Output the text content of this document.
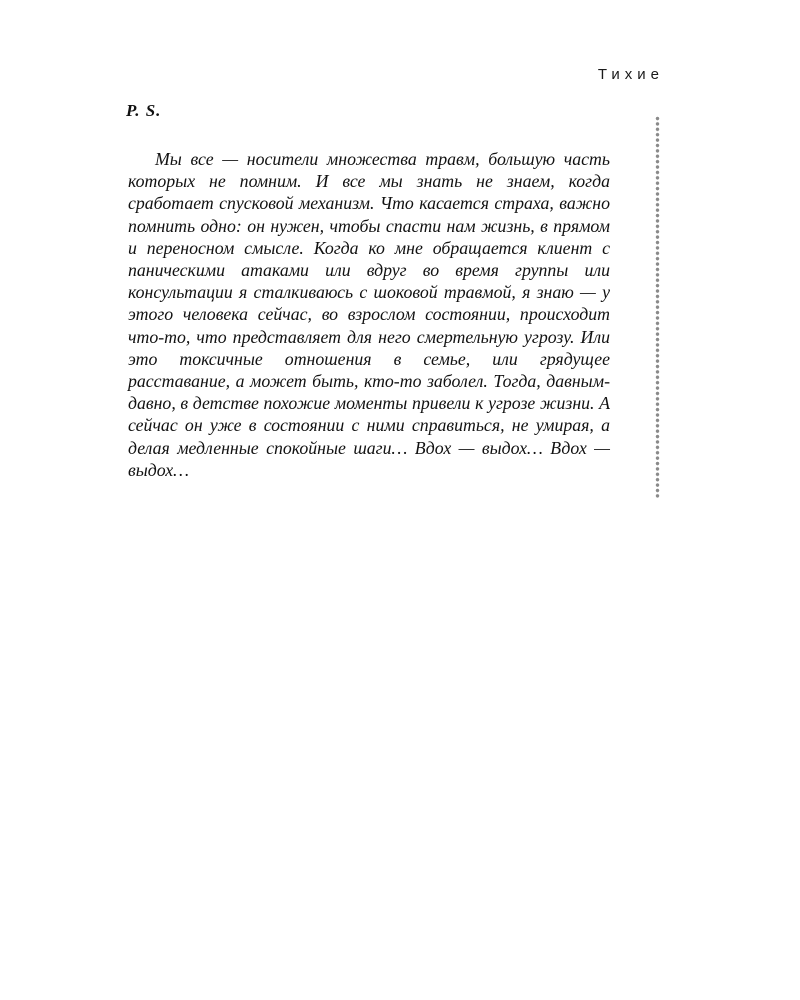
Тихие
P. S.

Мы все — носители множества травм, большую часть которых не помним. И все мы знать не знаем, когда сработает спусковой механизм. Что касается страха, важно помнить одно: он нужен, чтобы спасти нам жизнь, в прямом и переносном смысле. Когда ко мне обращается клиент с паническими атаками или вдруг во время группы или консультации я сталкиваюсь с шоковой травмой, я знаю — у этого человека сейчас, во взрослом состоянии, происходит что-то, что представляет для него смертельную угрозу. Или это токсичные отношения в семье, или грядущее расставание, а может быть, кто-то заболел. Тогда, давным-давно, в детстве похожие моменты привели к угрозе жизни. А сейчас он уже в состоянии с ними справиться, не умирая, а делая медленные спокойные шаги… Вдох — выдох… Вдох — выдох…
